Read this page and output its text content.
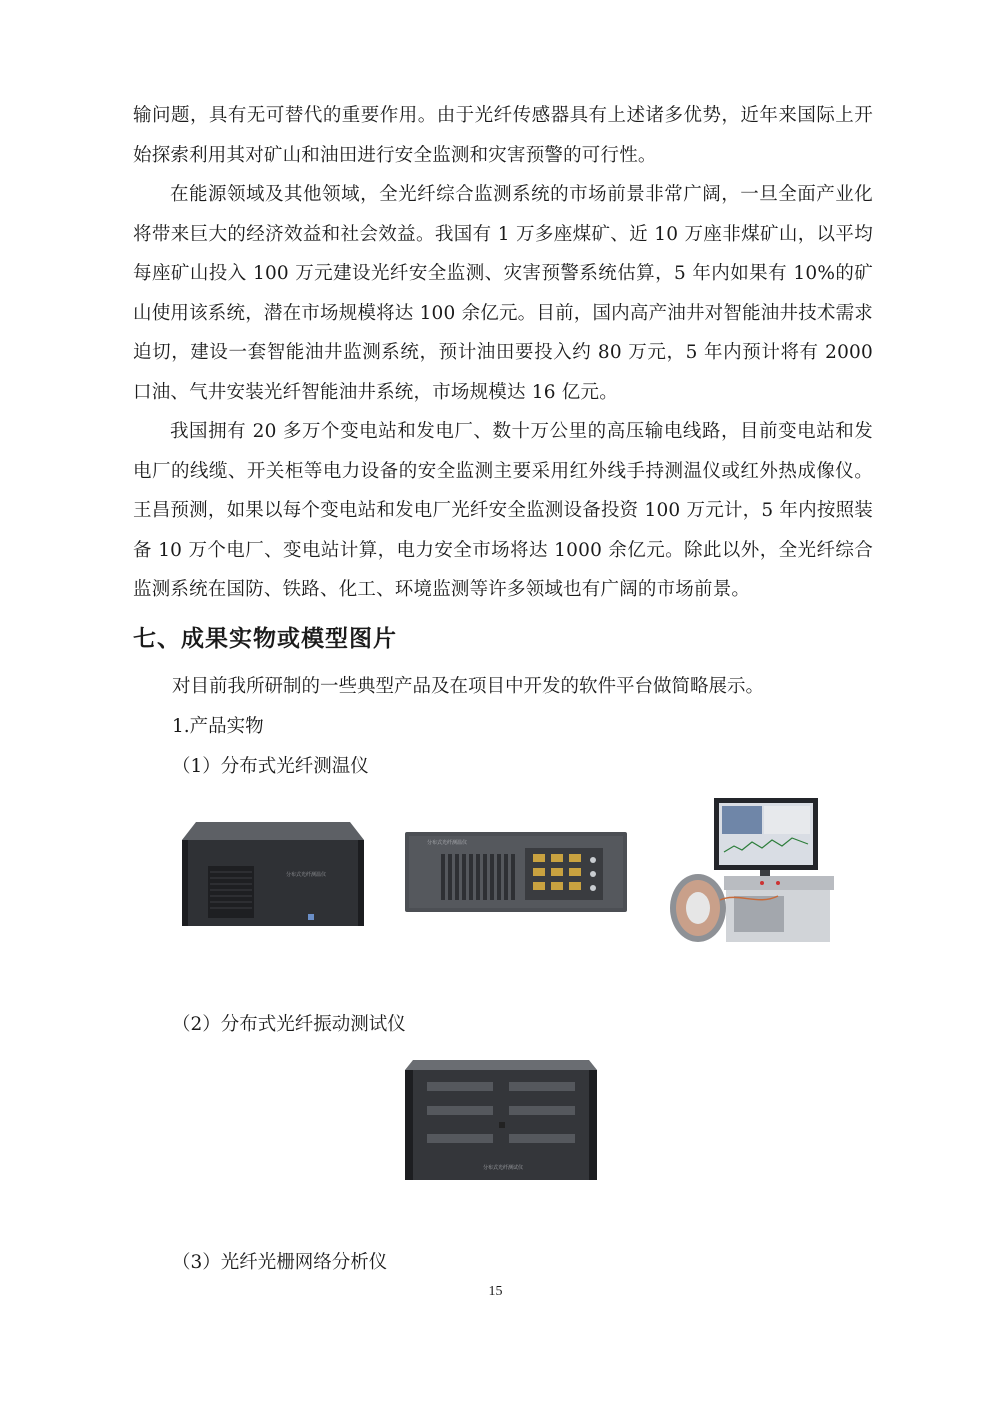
输问题，具有无可替代的重要作用。由于光纤传感器具有上述诸多优势，近年来国际上开始探索利用其对矿山和油田进行安全监测和灾害预警的可行性。

在能源领域及其他领域，全光纤综合监测系统的市场前景非常广阔，一旦全面产业化将带来巨大的经济效益和社会效益。我国有 1 万多座煤矿、近 10 万座非煤矿山，以平均每座矿山投入 100 万元建设光纤安全监测、灾害预警系统估算，5 年内如果有 10%的矿山使用该系统，潜在市场规模将达 100 余亿元。目前，国内高产油井对智能油井技术需求迫切，建设一套智能油井监测系统，预计油田要投入约 80 万元，5 年内预计将有 2000 口油、气井安装光纤智能油井系统，市场规模达 16 亿元。

我国拥有 20 多万个变电站和发电厂、数十万公里的高压输电线路，目前变电站和发电厂的线缆、开关柜等电力设备的安全监测主要采用红外线手持测温仪或红外热成像仪。王昌预测，如果以每个变电站和发电厂光纤安全监测设备投资 100 万元计，5 年内按照装备 10 万个电厂、变电站计算，电力安全市场将达 1000 余亿元。除此以外，全光纤综合监测系统在国防、铁路、化工、环境监测等许多领域也有广阔的市场前景。

七、成果实物或模型图片

对目前我所研制的一些典型产品及在项目中开发的软件平台做简略展示。

1.产品实物

（1）分布式光纤测温仪

分布式光纤测温仪
分布式光纤测温仪

（2）分布式光纤振动测试仪

分布式光纤测试仪

（3）光纤光栅网络分析仪

15
